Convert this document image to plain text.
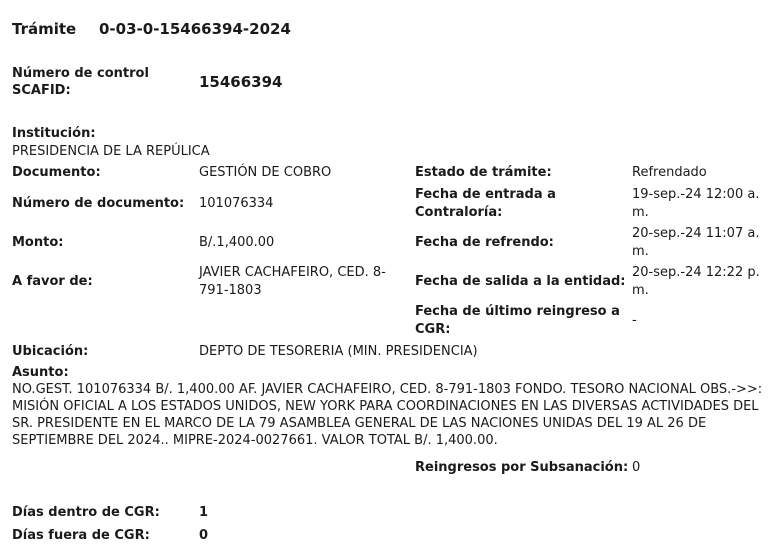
Trámite 0-03-0-15466394-2024
Número de control
SCAFID:	15466394
Institución:
PRESIDENCIA DE LA REPÚLICA
Documento:	GESTIÓN DE COBRO
Número de documento: 101076334
Monto:	B/.1,400.00
A favor de:
JAVIER CACHAFEIRO, CED. 8-
791-1803
Estado de trámite:	Refrendado
Fecha de entrada a
Contraloría:
19-sep.-24 12:00 a.
m.
Fecha de refrendo:
20-sep.-24 11:07 a.
m.
Fecha de salida a la entidad:
20-sep.-24 12:22 p.
m.
Fecha de último reingreso a
CGR:
-
Ubicación:	DEPTO DE TESORERIA (MIN. PRESIDENCIA)
Asunto:
NO.GEST. 101076334 B/. 1,400.00 AF. JAVIER CACHAFEIRO, CED. 8-791-1803 FONDO. TESORO NACIONAL OBS.->>:
MISIÓN OFICIAL A LOS ESTADOS UNIDOS, NEW YORK PARA COORDINACIONES EN LAS DIVERSAS ACTIVIDADES DEL
SR. PRESIDENTE EN EL MARCO DE LA 79 ASAMBLEA GENERAL DE LAS NACIONES UNIDAS DEL 19 AL 26 DE
SEPTIEMBRE DEL 2024.. MIPRE-2024-0027661. VALOR TOTAL B/. 1,400.00.
Reingresos por Subsanación: 0
Días dentro de CGR:	1
Días fuera de CGR:	0
